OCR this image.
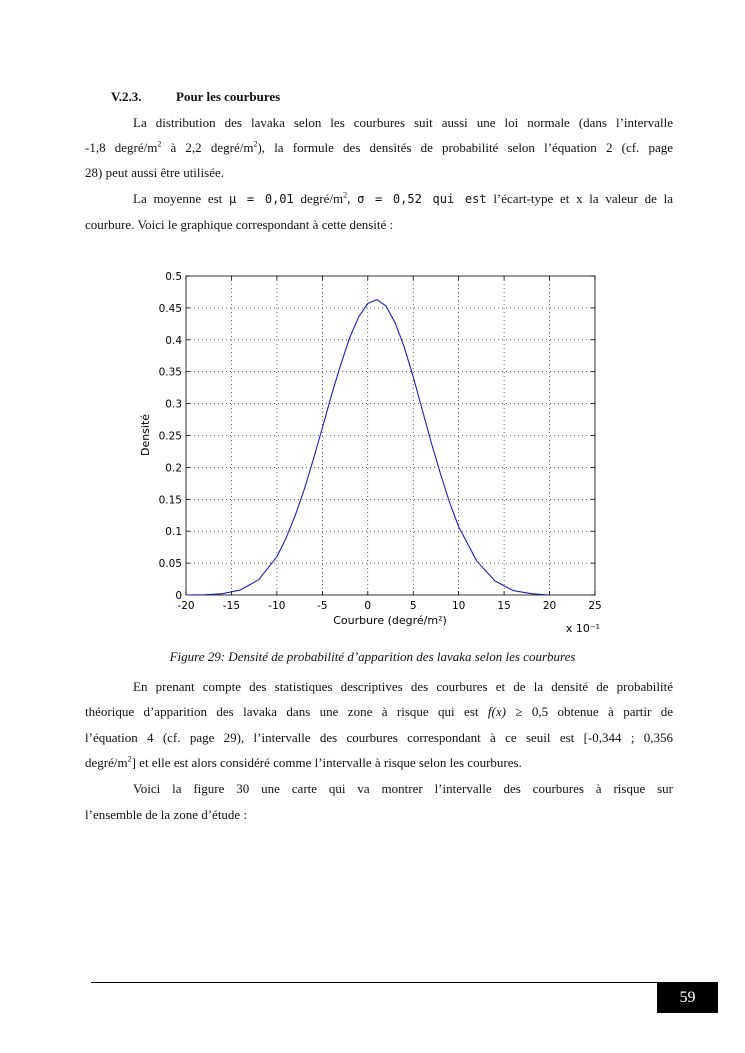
V.2.3.	Pour les courbures
La distribution des lavaka selon les courbures suit aussi une loi normale (dans l’intervalle
-1,8 degré/$m^2$ à 2,2 degré/$m^2$), la formule des densités de probabilité selon l’équation 2 (cf. page
28) peut aussi être utilisée.
La moyenne est μ = 0,01 degré/$m^2$, σ = 0,52 qui est l’écart-type et x la valeur de la
courbure. Voici le graphique correspondant à cette densité :
-20	-15	-10	-5	0	5	10	15	20	25
0
0.05
0.1
0.15
0.2
0.25
0.3
0.35
0.4
0.45
0.5
Densité
Courbure (degré/m²)
x 10⁻¹
Figure 29: Densité de probabilité d’apparition des lavaka selon les courbures
En prenant compte des statistiques descriptives des courbures et de la densité de probabilité
théorique d’apparition des lavaka dans une zone à risque qui est f(x) ≥ 0,5 obtenue à partir de
l’équation 4 (cf. page 29), l’intervalle des courbures correspondant à ce seuil est [-0,344 ; 0,356
degré/$m^2$] et elle est alors considéré comme l’intervalle à risque selon les courbures.
Voici la figure 30 une carte qui va montrer l’intervalle des courbures à risque sur
l’ensemble de la zone d’étude :
59
